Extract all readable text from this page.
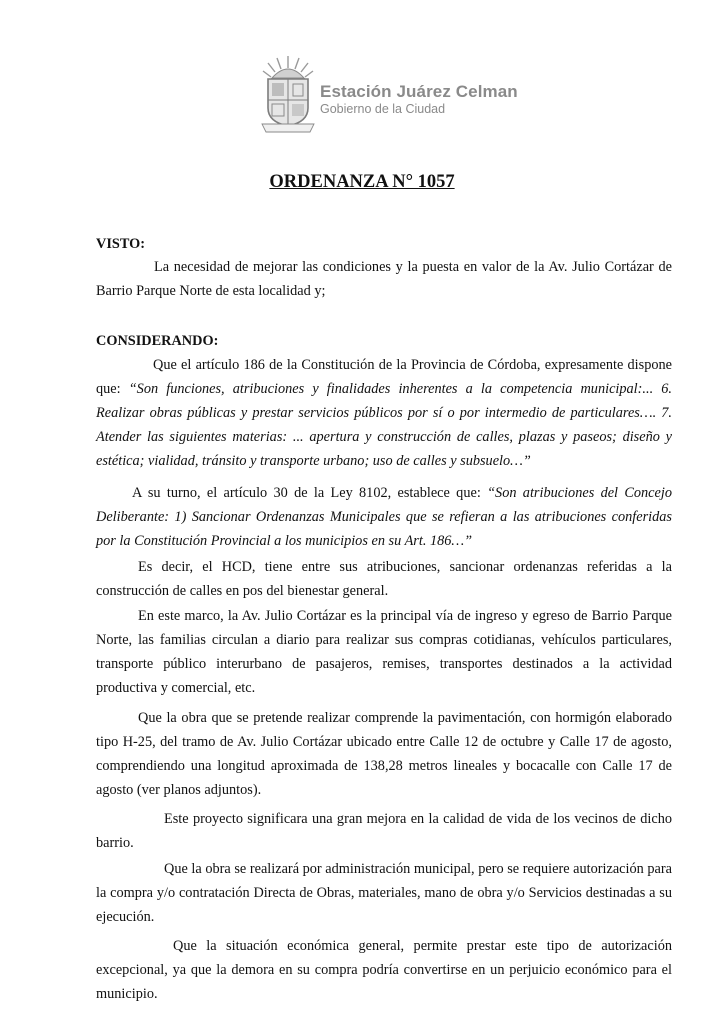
Estación Juárez Celman
Gobierno de la Ciudad
ORDENANZA N° 1057
VISTO:
La necesidad de mejorar las condiciones y la puesta en valor de la Av. Julio Cortázar de Barrio Parque Norte de esta localidad y;
CONSIDERANDO:
Que el artículo 186 de la Constitución de la Provincia de Córdoba, expresamente dispone que: “Son funciones, atribuciones y finalidades inherentes a la competencia municipal:... 6. Realizar obras públicas y prestar servicios públicos por sí o por intermedio de particulares…. 7. Atender las siguientes materias: ... apertura y construcción de calles, plazas y paseos; diseño y estética; vialidad, tránsito y transporte urbano; uso de calles y subsuelo…”
A su turno, el artículo 30 de la Ley 8102, establece que: “Son atribuciones del Concejo Deliberante: 1) Sancionar Ordenanzas Municipales que se refieran a las atribuciones conferidas por la Constitución Provincial a los municipios en su Art. 186…”
Es decir, el HCD, tiene entre sus atribuciones, sancionar ordenanzas referidas a la construcción de calles en pos del bienestar general.
En este marco, la Av. Julio Cortázar es la principal vía de ingreso y egreso de Barrio Parque Norte, las familias circulan a diario para realizar sus compras cotidianas, vehículos particulares, transporte público interurbano de pasajeros, remises, transportes destinados a la actividad productiva y comercial, etc.
Que la obra que se pretende realizar comprende la pavimentación, con hormigón elaborado tipo H-25, del tramo de Av. Julio Cortázar ubicado entre Calle 12 de octubre y Calle 17 de agosto, comprendiendo una longitud aproximada de 138,28 metros lineales y bocacalle con Calle 17 de agosto (ver planos adjuntos).
Este proyecto significara una gran mejora en la calidad de vida de los vecinos de dicho barrio.
Que la obra se realizará por administración municipal, pero se requiere autorización para la compra y/o contratación Directa de Obras, materiales, mano de obra y/o Servicios destinadas a su ejecución.
Que la situación económica general, permite prestar este tipo de autorización excepcional, ya que la demora en su compra podría convertirse en un perjuicio económico para el municipio.
